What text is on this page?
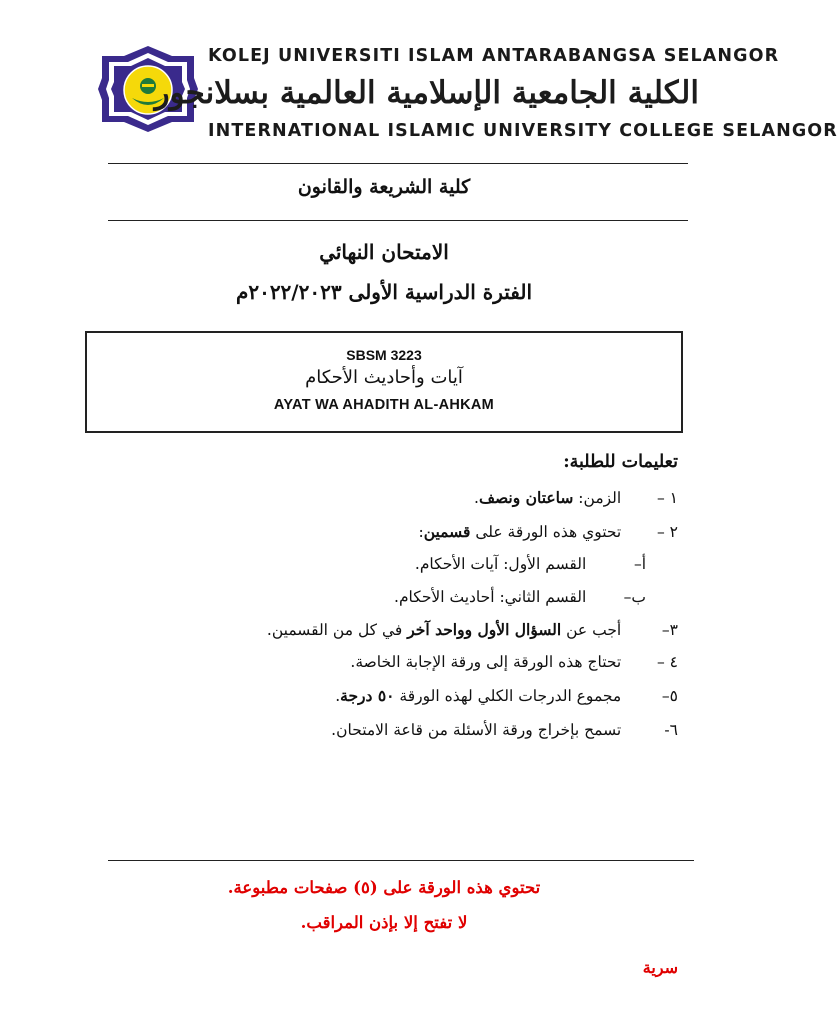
KOLEJ UNIVERSITI ISLAM ANTARABANGSA SELANGOR
الكلية الجامعية الإسلامية العالمية بسلانجور
INTERNATIONAL ISLAMIC UNIVERSITY COLLEGE SELANGOR
كلية الشريعة والقانون
الامتحان النهائي
الفترة الدراسية الأولى ٢٠٢٢/٢٠٢٣م
SBSM 3223
آيات وأحاديث الأحكام
AYAT WA AHADITH AL-AHKAM
تعليمات للطلبة:
١ –   الزمن: ساعتان ونصف.
٢ –   تحتوي هذه الورقة على قسمين:
أ–    القسم الأول: آيات الأحكام.
ب–    القسم الثاني: أحاديث الأحكام.
٣–   أجب عن السؤال الأول وواحد آخر في كل من القسمين.
٤ –   تحتاج هذه الورقة إلى ورقة الإجابة الخاصة.
٥–   مجموع الدرجات الكلي لهذه الورقة ٥٠ درجة.
٦-   تسمح بإخراج ورقة الأسئلة من قاعة الامتحان.
تحتوي هذه الورقة على (٥) صفحات مطبوعة.
لا تفتح إلا بإذن المراقب.
سرية
